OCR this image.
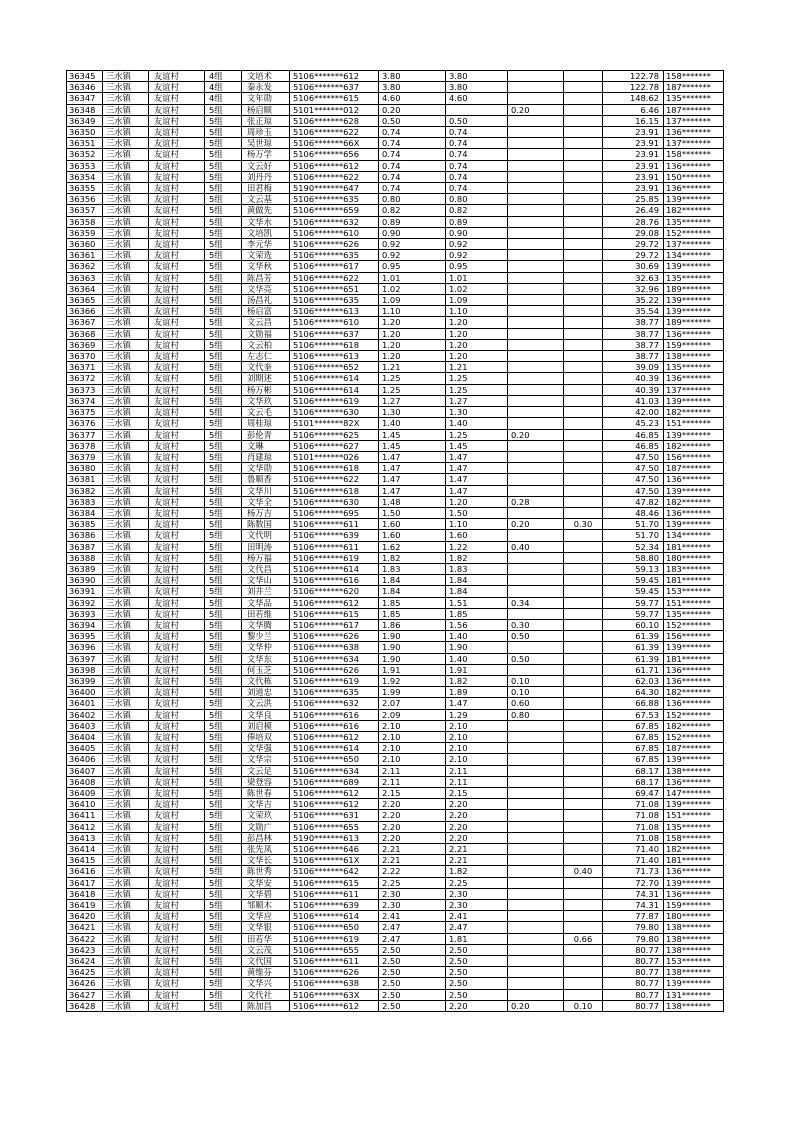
36345	三水镇	友谊村	4组	文培术	5106*******612	3.80	3.80			122.78	158*******
36346	三水镇	友谊村	4组	秦永发	5106*******637	3.80	3.80			122.78	187*******
36347	三水镇	友谊村	4组	文年勋	5106*******615	4.60	4.60			148.62	135*******
36348	三水镇	友谊村	5组	杨启顺	5101*******012	0.20		0.20		6.46	187*******
36349	三水镇	友谊村	5组	张正琼	5106*******628	0.50	0.50			16.15	137*******
36350	三水镇	友谊村	5组	周珍玉	5106*******622	0.74	0.74			23.91	136*******
36351	三水镇	友谊村	5组	吴世琼	5106*******66X	0.74	0.74			23.91	137*******
36352	三水镇	友谊村	5组	杨万学	5106*******656	0.74	0.74			23.91	158*******
36353	三水镇	友谊村	5组	文云好	5106*******612	0.74	0.74			23.91	136*******
36354	三水镇	友谊村	5组	刘丹丹	5106*******622	0.74	0.74			23.91	150*******
36355	三水镇	友谊村	5组	田君梅	5190*******647	0.74	0.74			23.91	136*******
36356	三水镇	友谊村	5组	文云基	5106*******635	0.80	0.80			25.85	139*******
36357	三水镇	友谊村	5组	黄做先	5106*******659	0.82	0.82			26.49	182*******
36358	三水镇	友谊村	5组	文华水	5106*******632	0.89	0.89			28.76	135*******
36359	三水镇	友谊村	5组	文培凯	5106*******610	0.90	0.90			29.08	152*******
36360	三水镇	友谊村	5组	李元华	5106*******626	0.92	0.92			29.72	137*******
36361	三水镇	友谊村	5组	文荣选	5106*******635	0.92	0.92			29.72	134*******
36362	三水镇	友谊村	5组	文华秋	5106*******617	0.95	0.95			30.69	139*******
36363	三水镇	友谊村	5组	陈昌芳	5106*******622	1.01	1.01			32.63	135*******
36364	三水镇	友谊村	5组	文华亮	5106*******651	1.02	1.02			32.96	189*******
36365	三水镇	友谊村	5组	汤昌礼	5106*******635	1.09	1.09			35.22	139*******
36366	三水镇	友谊村	5组	杨启富	5106*******613	1.10	1.10			35.54	139*******
36367	三水镇	友谊村	5组	文云昌	5106*******610	1.20	1.20			38.77	189*******
36368	三水镇	友谊村	5组	文勋福	5106*******637	1.20	1.20			38.77	136*******
36369	三水镇	友谊村	5组	文云柏	5106*******618	1.20	1.20			38.77	159*******
36370	三水镇	友谊村	5组	左志仁	5106*******613	1.20	1.20			38.77	138*******
36371	三水镇	友谊村	5组	文代奎	5106*******652	1.21	1.21			39.09	135*******
36372	三水镇	友谊村	5组	刘期述	5106*******614	1.25	1.25			40.39	136*******
36373	三水镇	友谊村	5组	杨万彬	5106*******614	1.25	1.25			40.39	137*******
36374	三水镇	友谊村	5组	文华玖	5106*******619	1.27	1.27			41.03	139*******
36375	三水镇	友谊村	5组	文云毛	5106*******630	1.30	1.30			42.00	182*******
36376	三水镇	友谊村	5组	周桂琼	5101*******82X	1.40	1.40			45.23	151*******
36377	三水镇	友谊村	5组	彭伦青	5106*******625	1.45	1.25	0.20		46.85	139*******
36378	三水镇	友谊村	5组	文琳	5106*******627	1.45	1.45			46.85	182*******
36379	三水镇	友谊村	5组	肖建琼	5101*******026	1.47	1.47			47.50	156*******
36380	三水镇	友谊村	5组	文华勋	5106*******618	1.47	1.47			47.50	187*******
36381	三水镇	友谊村	5组	鲁顺香	5106*******622	1.47	1.47			47.50	136*******
36382	三水镇	友谊村	5组	文华川	5106*******618	1.47	1.47			47.50	139*******
36383	三水镇	友谊村	5组	文华全	5106*******630	1.48	1.20	0.28		47.82	182*******
36384	三水镇	友谊村	5组	杨万吉	5106*******695	1.50	1.50			48.46	136*******
36385	三水镇	友谊村	5组	陈数国	5106*******611	1.60	1.10	0.20	0.30	51.70	139*******
36386	三水镇	友谊村	5组	文代明	5106*******639	1.60	1.60			51.70	134*******
36387	三水镇	友谊村	5组	田明涛	5106*******611	1.62	1.22	0.40		52.34	181*******
36388	三水镇	友谊村	5组	杨万福	5106*******619	1.82	1.82			58.80	180*******
36389	三水镇	友谊村	5组	文代昌	5106*******614	1.83	1.83			59.13	183*******
36390	三水镇	友谊村	5组	文华山	5106*******616	1.84	1.84			59.45	181*******
36391	三水镇	友谊村	5组	刘井兰	5106*******620	1.84	1.84			59.45	153*******
36392	三水镇	友谊村	5组	文华品	5106*******612	1.85	1.51	0.34		59.77	151*******
36393	三水镇	友谊村	5组	田若维	5106*******615	1.85	1.85			59.77	135*******
36394	三水镇	友谊村	5组	文华腾	5106*******617	1.86	1.56	0.30		60.10	152*******
36395	三水镇	友谊村	5组	黎少兰	5106*******626	1.90	1.40	0.50		61.39	156*******
36396	三水镇	友谊村	5组	文华仲	5106*******638	1.90	1.90			61.39	139*******
36397	三水镇	友谊村	5组	文华东	5106*******634	1.90	1.40	0.50		61.39	181*******
36398	三水镇	友谊村	5组	何玉芝	5106*******626	1.91	1.91			61.71	136*******
36399	三水镇	友谊村	5组	文代栋	5106*******619	1.92	1.82	0.10		62.03	136*******
36400	三水镇	友谊村	5组	刘道忠	5106*******635	1.99	1.89	0.10		64.30	182*******
36401	三水镇	友谊村	5组	文云洪	5106*******632	2.07	1.47	0.60		66.88	136*******
36402	三水镇	友谊村	5组	文华良	5106*******616	2.09	1.29	0.80		67.53	152*******
36403	三水镇	友谊村	5组	刘启模	5106*******616	2.10	2.10			67.85	182*******
36404	三水镇	友谊村	5组	俸培双	5106*******612	2.10	2.10			67.85	152*******
36405	三水镇	友谊村	5组	文华强	5106*******614	2.10	2.10			67.85	187*******
36406	三水镇	友谊村	5组	文华宗	5106*******650	2.10	2.10			67.85	139*******
36407	三水镇	友谊村	5组	文云足	5106*******634	2.11	2.11			68.17	138*******
36408	三水镇	友谊村	5组	梁登容	5106*******689	2.11	2.11			68.17	136*******
36409	三水镇	友谊村	5组	陈世春	5106*******612	2.15	2.15			69.47	147*******
36410	三水镇	友谊村	5组	文华吉	5106*******612	2.20	2.20			71.08	139*******
36411	三水镇	友谊村	5组	文荣玖	5106*******631	2.20	2.20			71.08	151*******
36412	三水镇	友谊村	5组	文勋广	5106*******655	2.20	2.20			71.08	135*******
36413	三水镇	友谊村	5组	彭昌林	5190*******613	2.20	2.20			71.08	158*******
36414	三水镇	友谊村	5组	张先凤	5106*******646	2.21	2.21			71.40	182*******
36415	三水镇	友谊村	5组	文华长	5106*******61X	2.21	2.21			71.40	181*******
36416	三水镇	友谊村	5组	陈世秀	5106*******642	2.22	1.82		0.40	71.73	136*******
36417	三水镇	友谊村	5组	文华安	5106*******615	2.25	2.25			72.70	139*******
36418	三水镇	友谊村	5组	文华碧	5106*******611	2.30	2.30			74.31	136*******
36419	三水镇	友谊村	5组	邹顺木	5106*******639	2.30	2.30			74.31	159*******
36420	三水镇	友谊村	5组	文华应	5106*******614	2.41	2.41			77.87	180*******
36421	三水镇	友谊村	5组	文华银	5106*******650	2.47	2.47			79.80	138*******
36422	三水镇	友谊村	5组	田若华	5106*******619	2.47	1.81		0.66	79.80	138*******
36423	三水镇	友谊村	5组	文云茂	5106*******655	2.50	2.50			80.77	138*******
36424	三水镇	友谊村	5组	文代国	5106*******611	2.50	2.50			80.77	153*******
36425	三水镇	友谊村	5组	黄维芬	5106*******626	2.50	2.50			80.77	138*******
36426	三水镇	友谊村	5组	文华兴	5106*******638	2.50	2.50			80.77	139*******
36427	三水镇	友谊村	5组	文代社	5106*******63X	2.50	2.50			80.77	131*******
36428	三水镇	友谊村	5组	陈加昌	5106*******612	2.50	2.20	0.20	0.10	80.77	138*******
